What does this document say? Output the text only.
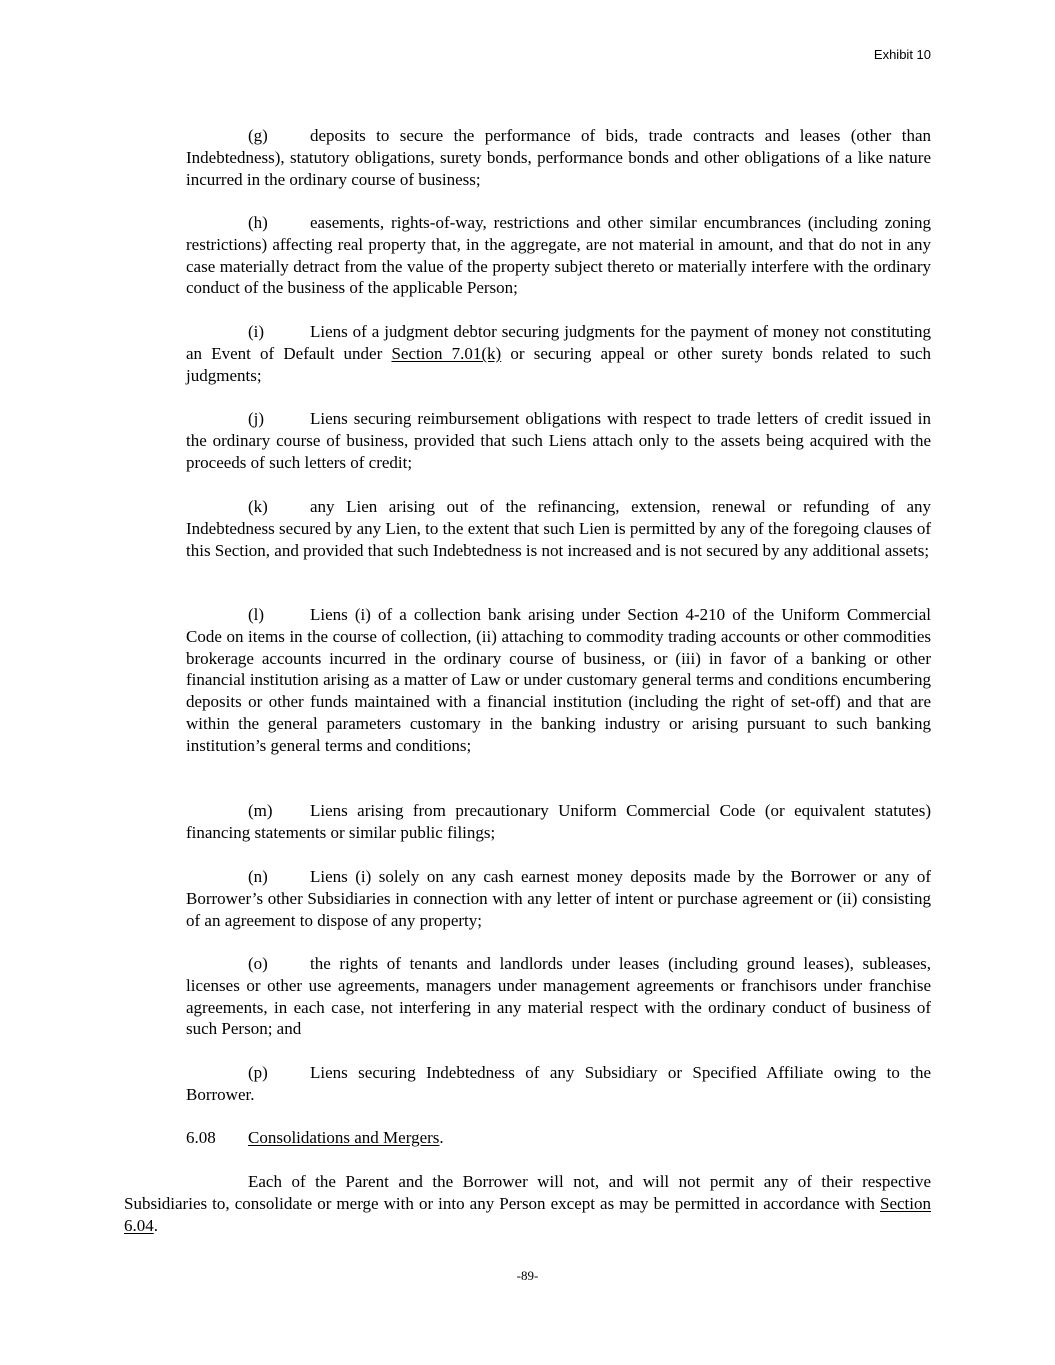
Exhibit 10
(g) deposits to secure the performance of bids, trade contracts and leases (other than Indebtedness), statutory obligations, surety bonds, performance bonds and other obligations of a like nature incurred in the ordinary course of business;
(h) easements, rights-of-way, restrictions and other similar encumbrances (including zoning restrictions) affecting real property that, in the aggregate, are not material in amount, and that do not in any case materially detract from the value of the property subject thereto or materially interfere with the ordinary conduct of the business of the applicable Person;
(i)	Liens of a judgment debtor securing judgments for the payment of money not constituting an Event of Default under Section 7.01(k) or securing appeal or other surety bonds related to such judgments;
(j)	Liens securing reimbursement obligations with respect to trade letters of credit issued in the ordinary course of business, provided that such Liens attach only to the assets being acquired with the proceeds of such letters of credit;
(k) any Lien arising out of the refinancing, extension, renewal or refunding of any Indebtedness secured by any Lien, to the extent that such Lien is permitted by any of the foregoing clauses of this Section, and provided that such Indebtedness is not increased and is not secured by any additional assets;
(l)	Liens (i) of a collection bank arising under Section 4-210 of the Uniform Commercial Code on items in the course of collection, (ii) attaching to commodity trading accounts or other commodities brokerage accounts incurred in the ordinary course of business, or (iii) in favor of a banking or other financial institution arising as a matter of Law or under customary general terms and conditions encumbering deposits or other funds maintained with a financial institution (including the right of set-off) and that are within the general parameters customary in the banking industry or arising pursuant to such banking institution’s general terms and conditions;
(m) Liens arising from precautionary Uniform Commercial Code (or equivalent statutes) financing statements or similar public filings;
(n) Liens (i) solely on any cash earnest money deposits made by the Borrower or any of Borrower’s other Subsidiaries in connection with any letter of intent or purchase agreement or (ii) consisting of an agreement to dispose of any property;
(o) the rights of tenants and landlords under leases (including ground leases), subleases, licenses or other use agreements, managers under management agreements or franchisors under franchise agreements, in each case, not interfering in any material respect with the ordinary conduct of business of such Person; and
(p) Liens securing Indebtedness of any Subsidiary or Specified Affiliate owing to the Borrower.
6.08 Consolidations and Mergers.
Each of the Parent and the Borrower will not, and will not permit any of their respective Subsidiaries to, consolidate or merge with or into any Person except as may be permitted in accordance with Section 6.04.
-89-
